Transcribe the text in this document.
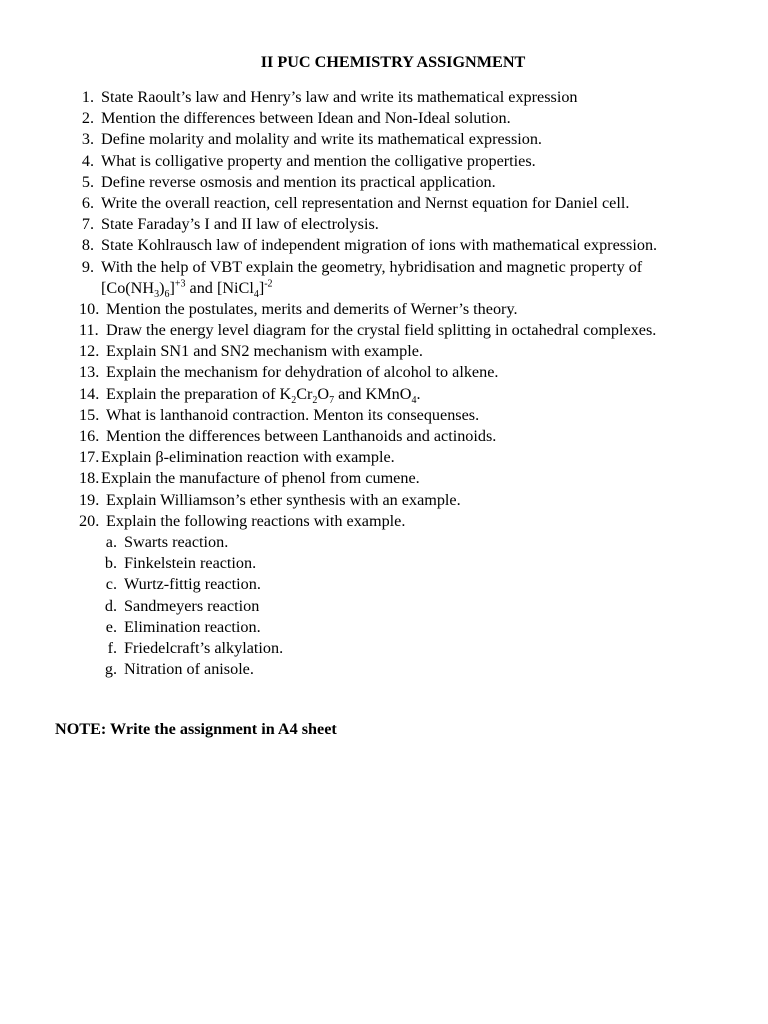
II PUC CHEMISTRY ASSIGNMENT
1. State Raoult’s law and Henry’s law and write its mathematical expression
2. Mention the differences between Idean and Non-Ideal solution.
3. Define molarity and molality and write its mathematical expression.
4. What is colligative property and mention the colligative properties.
5. Define reverse osmosis and mention its practical application.
6. Write the overall reaction, cell representation and Nernst equation for Daniel cell.
7. State Faraday’s I and II law of electrolysis.
8. State Kohlrausch law of independent migration of ions with mathematical expression.
9. With the help of VBT explain the geometry, hybridisation and magnetic property of
$[Co(NH_3)_6]^{+3}$ and [NiCl$_4$]$^{-2}$
10. Mention the postulates, merits and demerits of Werner’s theory.
11. Draw the energy level diagram for the crystal field splitting in octahedral complexes.
12. Explain SN1 and SN2 mechanism with example.
13. Explain the mechanism for dehydration of alcohol to alkene.
14. Explain the preparation of $K_2Cr_2O_7$ and KMnO$_4$.
15. What is lanthanoid contraction. Menton its consequenses.
16. Mention the differences between Lanthanoids and actinoids.
17. Explain β-elimination reaction with example.
18. Explain the manufacture of phenol from cumene.
19. Explain Williamson’s ether synthesis with an example.
20. Explain the following reactions with example.
a. Swarts reaction.
b. Finkelstein reaction.
c. Wurtz-fittig reaction.
d. Sandmeyers reaction
e. Elimination reaction.
f. Friedelcraft’s alkylation.
g. Nitration of anisole.
NOTE: Write the assignment in A4 sheet
